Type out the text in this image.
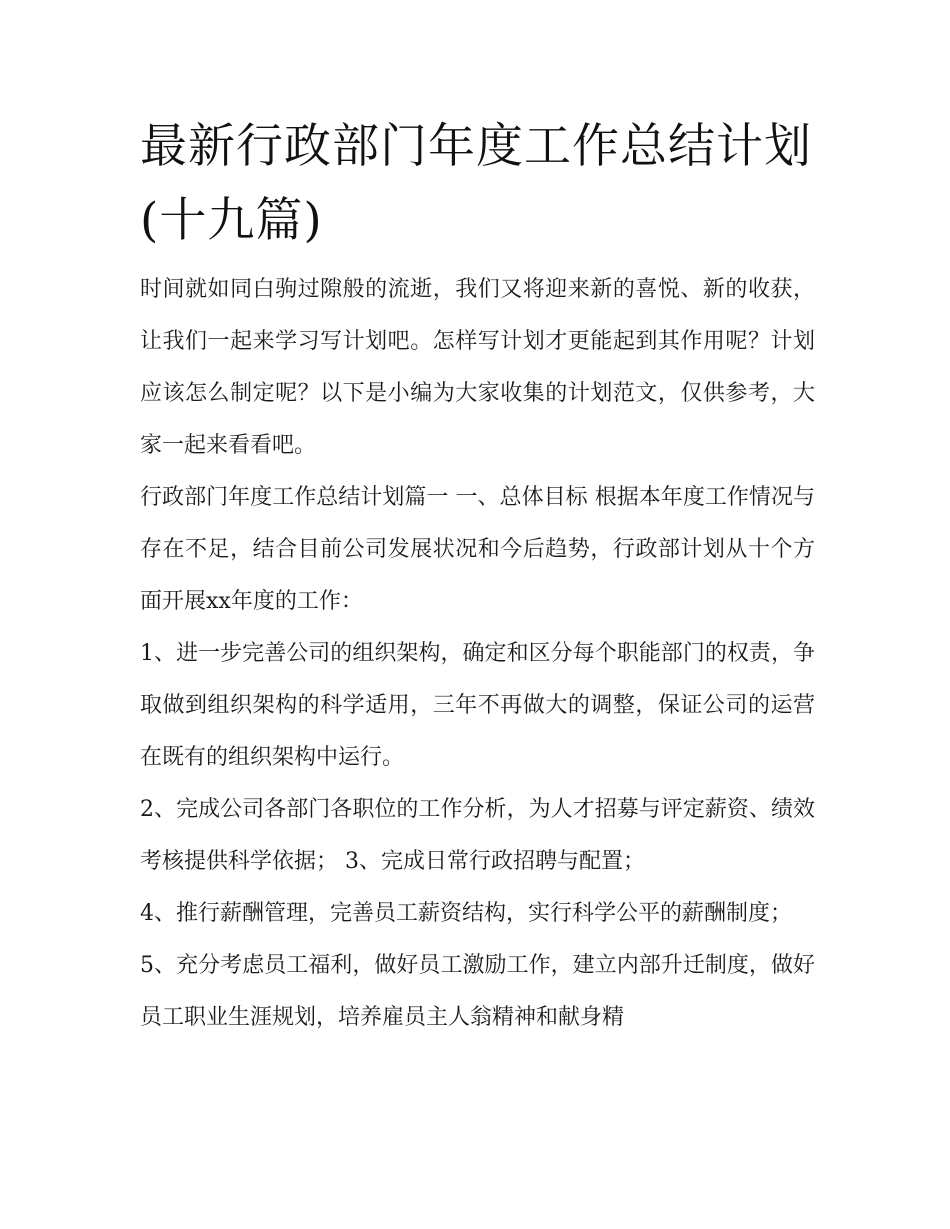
最新行政部门年度工作总结计划(十九篇)

时间就如同白驹过隙般的流逝，我们又将迎来新的喜悦、新的收获，让我们一起来学习写计划吧。怎样写计划才更能起到其作用呢？计划应该怎么制定呢？以下是小编为大家收集的计划范文，仅供参考，大家一起来看看吧。

行政部门年度工作总结计划篇一 一、总体目标 根据本年度工作情况与存在不足，结合目前公司发展状况和今后趋势，行政部计划从十个方面开展xx年度的工作：

1、进一步完善公司的组织架构，确定和区分每个职能部门的权责，争取做到组织架构的科学适用，三年不再做大的调整，保证公司的运营在既有的组织架构中运行。

2、完成公司各部门各职位的工作分析，为人才招募与评定薪资、绩效考核提供科学依据； 3、完成日常行政招聘与配置；

4、推行薪酬管理，完善员工薪资结构，实行科学公平的薪酬制度；

5、充分考虑员工福利，做好员工激励工作，建立内部升迁制度，做好员工职业生涯规划，培养雇员主人翁精神和献身精
